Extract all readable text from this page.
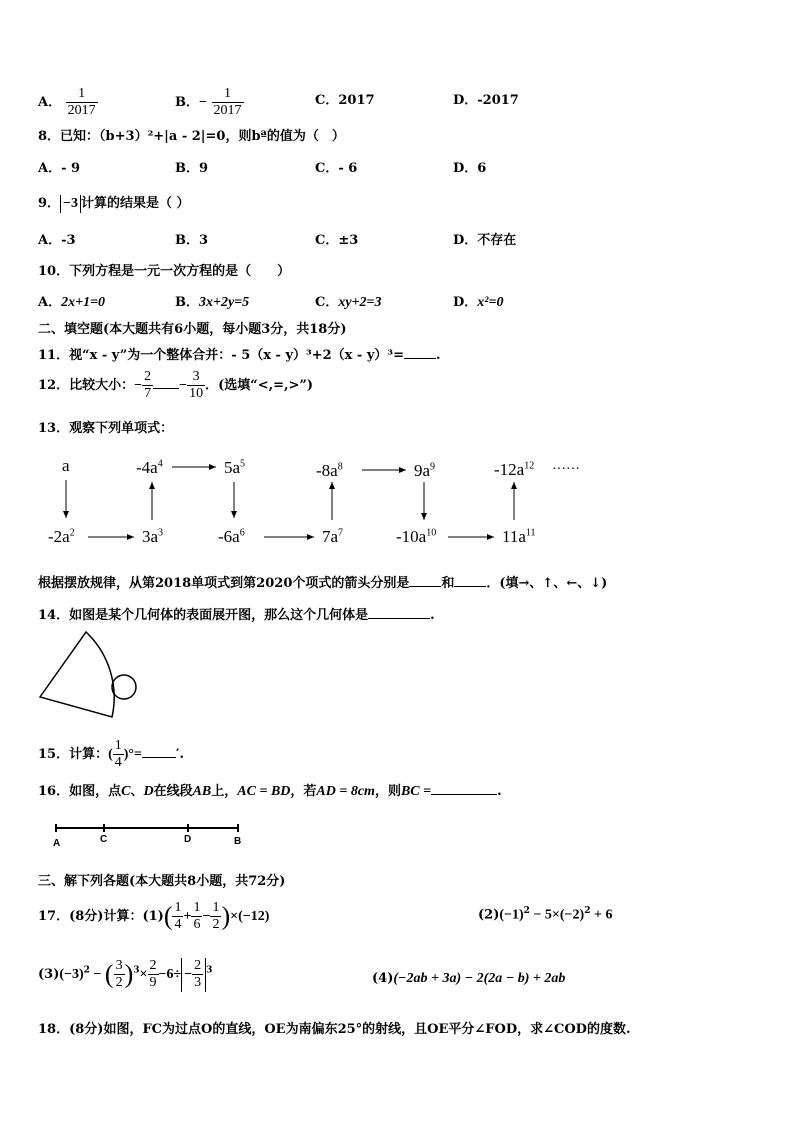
A． $\frac{1}{2017}$	B．− $\frac{1}{2017}$	C．2017	D．-2017
8．已知：（b+3）²+|a - 2|=0，则bª的值为（　）
A．- 9	B．9	C．- 6	D．6
9． −3 计算的结果是（ ）
A．-3	B．3	C．±3	D．不存在
10．下列方程是一元一次方程的是（　　）
A．2x+1=0	B．3x+2y=5	C．xy+2=3	D．x²=0
二、填空题(本大题共有6小题，每小题3分，共18分)
11．视“x - y”为一个整体合并：- 5（x - y）³+2（x - y）³= .
12．比较大小：− $\frac{2}{7} - \frac{3}{10}$ ．(选填“<,=,>”)
13．观察下列单项式：
a
$-2a^2$	$3a^3$
$-4a^4$	$5a^5$
$-6a^6$	$7a^7$
$-8a^8$	$9a^9$
$-10a^{10}$	$11a^{11}$
$-12a^{12}$ ……
根据摆放规律，从第2018单项式到第2020个项式的箭头分别是 和 ．(填→、↑、←、↓)
14．如图是某个几何体的表面展开图，那么这个几何体是	.
15．计算：( $\frac{1}{4}$ )°=	′.
16．如图，点C、D在线段AB上，AC = BD，若AD = 8cm，则BC =	.
A	C	D	B
三、解下列各题(本大题共8小题，共72分)
17．(8分)计算：$(1)( \frac{1}{4} + \frac{1}{6} - \frac{1}{2} )\times(-12)$	$(2)(-1)^2 - 5\times(-2)^2 + 6$
$(3)(-3)^2$ − ( $\frac{3}{2} )^3\times \frac{2}{9} -6\div - \frac{2}{3} ^3$
(4)(−2ab + 3a) − 2(2a − b) + 2ab
18．(8分)如图，FC为过点O的直线，OE为南偏东25°的射线，且OE平分∠FOD，求∠COD的度数.
